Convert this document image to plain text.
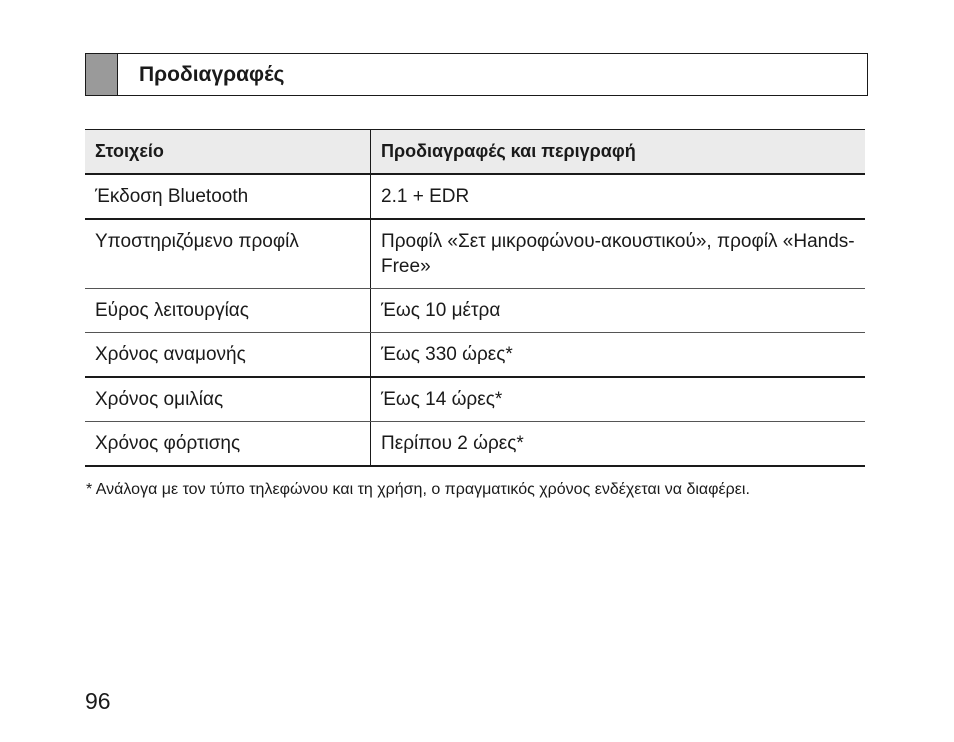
Προδιαγραφές
Στοιχείο	Προδιαγραφές και περιγραφή
Έκδοση Bluetooth	2.1 + EDR
Υποστηριζόμενο προφίλ	Προφίλ «Σετ μικροφώνου-ακουστικού», προφίλ «Hands-Free»
Εύρος λειτουργίας	Έως 10 μέτρα
Χρόνος αναμονής	Έως 330 ώρες*
Χρόνος ομιλίας	Έως 14 ώρες*
Χρόνος φόρτισης	Περίπου 2 ώρες*
* Ανάλογα με τον τύπο τηλεφώνου και τη χρήση, ο πραγματικός χρόνος ενδέχεται να διαφέρει.
96
